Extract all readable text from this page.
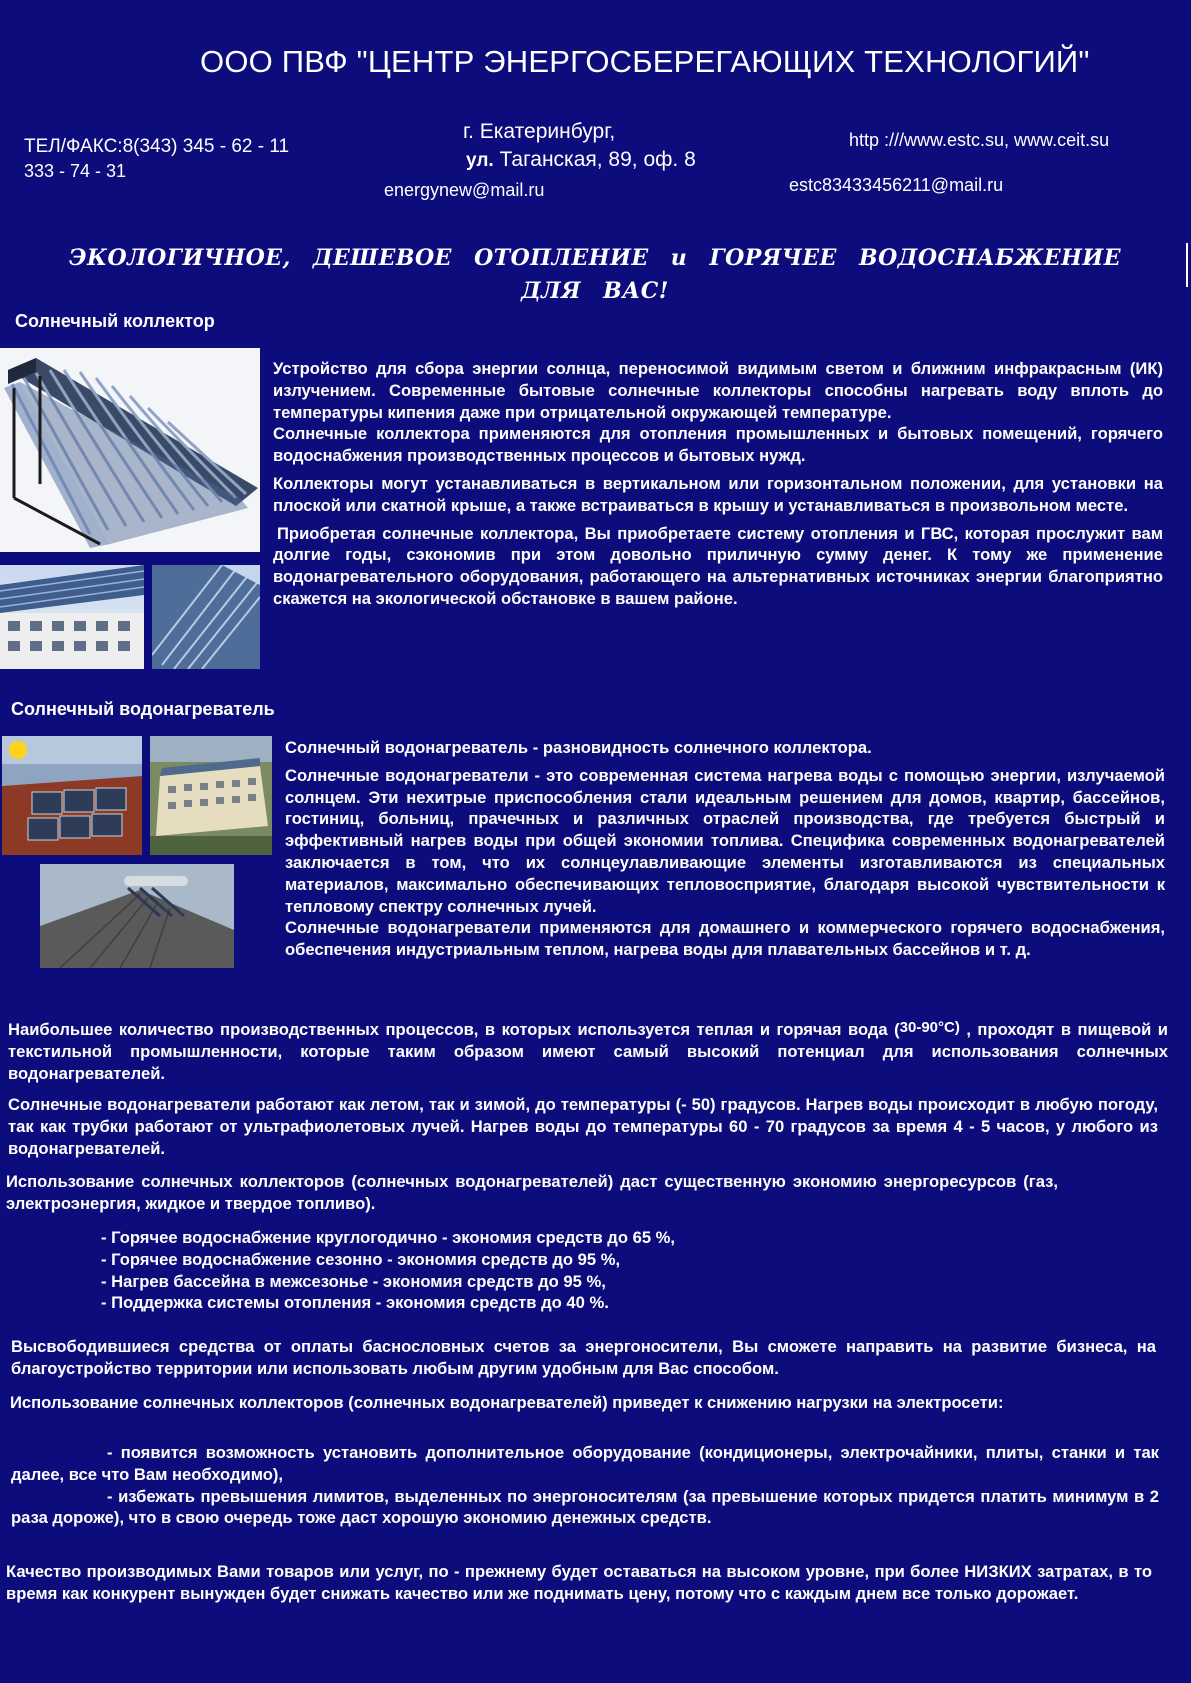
ООО ПВФ "ЦЕНТР ЭНЕРГОСБЕРЕГАЮЩИХ ТЕХНОЛОГИЙ"
ТЕЛ/ФАКС:8(343) 345 - 62 - 11
333 - 74 - 31
г. Екатеринбург,
ул. Таганская, 89, оф. 8
energynew@mail.ru
http :///www.estc.su, www.ceit.su
estc83433456211@mail.ru
ЭКОЛОГИЧНОЕ, ДЕШЕВОЕ ОТОПЛЕНИЕ и ГОРЯЧЕЕ ВОДОСНАБЖЕНИЕ
ДЛЯ ВАС!
Солнечный коллектор

Устройство для сбора энергии солнца, переносимой видимым светом и ближним инфракрасным (ИК) излучением. Современные бытовые солнечные коллекторы способны нагревать воду вплоть до температуры кипения даже при отрицательной окружающей температуре.

Солнечные коллектора применяются для отопления промышленных и бытовых помещений, горячего водоснабжения производственных процессов и бытовых нужд.

Коллекторы могут устанавливаться в вертикальном или горизонтальном положении, для установки на плоской или скатной крыше, а также встраиваться в крышу и устанавливаться в произвольном месте.

Приобретая солнечные коллектора, Вы приобретаете систему отопления и ГВС, которая прослужит вам долгие годы, сэкономив при этом довольно приличную сумму денег. К тому же применение водонагревательного оборудования, работающего на альтернативных источниках энергии благоприятно скажется на экологической обстановке в вашем районе.

Солнечный водонагреватель

Солнечный водонагреватель - разновидность солнечного коллектора.

Солнечные водонагреватели - это современная система нагрева воды с помощью энергии, излучаемой солнцем. Эти нехитрые приспособления стали идеальным решением для домов, квартир, бассейнов, гостиниц, больниц, прачечных и различных отраслей производства, где требуется быстрый и эффективный нагрев воды при общей экономии топлива. Специфика современных водонагревателей заключается в том, что их солнцеулавливающие элементы изготавливаются из специальных материалов, максимально обеспечивающих тепловосприятие, благодаря высокой чувствительности к тепловому спектру солнечных лучей.

Солнечные водонагреватели применяются для домашнего и коммерческого горячего водоснабжения, обеспечения индустриальным теплом, нагрева воды для плавательных бассейнов и т. д.

Наибольшее количество производственных процессов, в которых используется теплая и горячая вода (30-90°С) , проходят в пищевой и текстильной промышленности, которые таким образом имеют самый высокий потенциал для использования солнечных водонагревателей.

Солнечные водонагреватели работают как летом, так и зимой, до температуры (- 50) градусов. Нагрев воды происходит в любую погоду, так как трубки работают от ультрафиолетовых лучей. Нагрев воды до температуры 60 - 70 градусов за время 4 - 5 часов, у любого из водонагревателей.
Использование солнечных коллекторов (солнечных водонагревателей) даст существенную экономию энергоресурсов (газ, электроэнергия, жидкое и твердое топливо).
- Горячее водоснабжение круглогодично - экономия средств до 65 %,
- Горячее водоснабжение сезонно - экономия средств до 95 %,
- Нагрев бассейна в межсезонье - экономия средств до 95 %,
- Поддержка системы отопления - экономия средств до 40 %.
Высвободившиеся средства от оплаты баснословных счетов за энергоносители, Вы сможете направить на развитие бизнеса, на благоустройство территории или использовать любым другим удобным для Вас способом.
Использование солнечных коллекторов (солнечных водонагревателей) приведет к снижению нагрузки на электросети:

- появится возможность установить дополнительное оборудование (кондиционеры, электрочайники, плиты, станки и так далее, все что Вам необходимо),

- избежать превышения лимитов, выделенных по энергоносителям (за превышение которых придется платить минимум в 2 раза дороже), что в свою очередь тоже даст хорошую экономию денежных средств.

Качество производимых Вами товаров или услуг, по - прежнему будет оставаться на высоком уровне, при более НИЗКИХ затратах, в то время как конкурент вынужден будет снижать качество или же поднимать цену, потому что с каждым днем все только дорожает.
